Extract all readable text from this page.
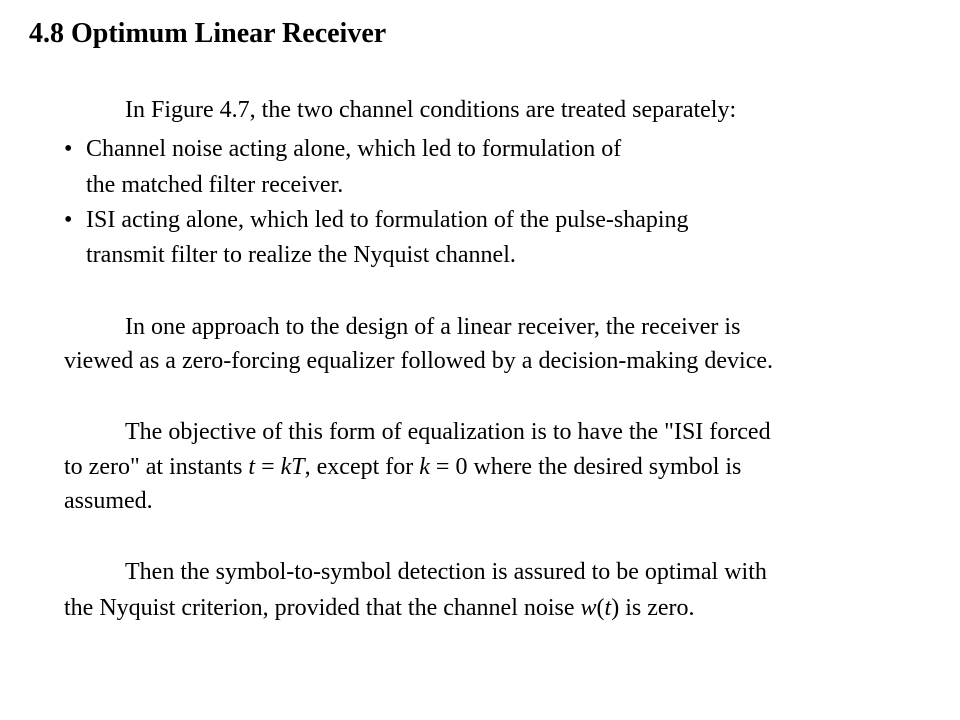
4.8 Optimum Linear Receiver

In Figure 4.7, the two channel conditions are treated separately:

• Channel noise acting alone, which led to formulation of

the matched filter receiver.

• ISI acting alone, which led to formulation of the pulse-shaping

transmit filter to realize the Nyquist channel.

In one approach to the design of a linear receiver, the receiver is

viewed as a zero-forcing equalizer followed by a decision-making device.

The objective of this form of equalization is to have the "ISI forced

to zero" at instants t = kT, except for k = 0 where the desired symbol is

assumed.

Then the symbol-to-symbol detection is assured to be optimal with

the Nyquist criterion, provided that the channel noise w(t) is zero.
